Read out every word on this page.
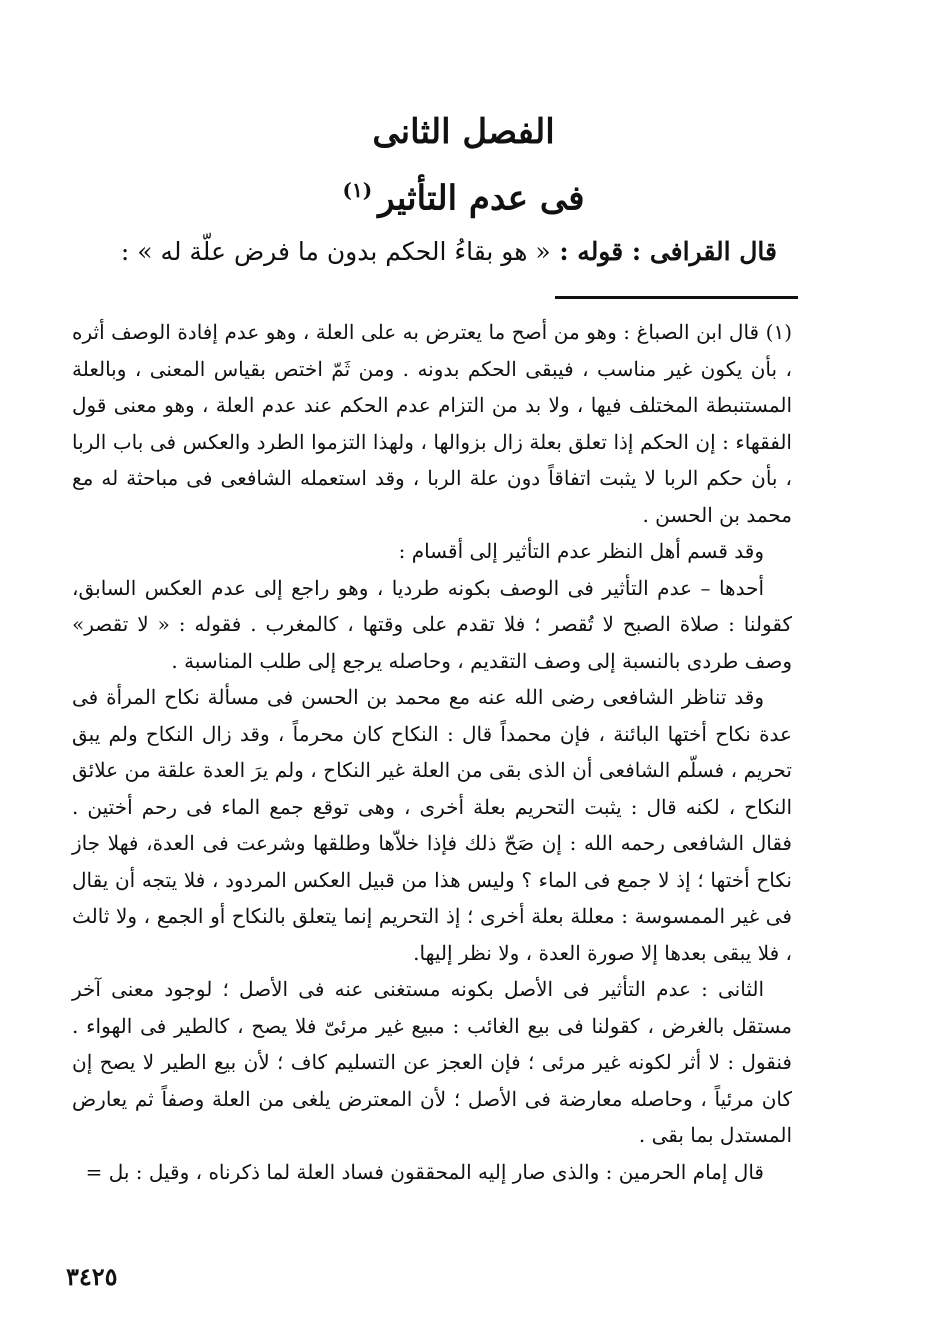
الفصل الثانى
فى عدم التأثير$^{(١)}$
قال القرافى : قوله : « هو بقاءُ الحكم بدون ما فرض علّة له » :

(١) قال ابن الصباغ : وهو من أصح ما يعترض به على العلة ، وهو عدم إفادة الوصف أثره ، بأن يكون غير مناسب ، فيبقى الحكم بدونه . ومن ثَمّ اختص بقياس المعنى ، وبالعلة المستنبطة المختلف فيها ، ولا بد من التزام عدم الحكم عند عدم العلة ، وهو معنى قول الفقهاء : إن الحكم إذا تعلق بعلة زال بزوالها ، ولهذا التزموا الطرد والعكس فى باب الربا ، بأن حكم الربا لا يثبت اتفاقاً دون علة الربا ، وقد استعمله الشافعى فى مباحثة له مع محمد بن الحسن .

وقد قسم أهل النظر عدم التأثير إلى أقسام :

أحدها – عدم التأثير فى الوصف بكونه طرديا ، وهو راجع إلى عدم العكس السابق، كقولنا : صلاة الصبح لا تُقصر ؛ فلا تقدم على وقتها ، كالمغرب . فقوله : « لا تقصر» وصف طردى بالنسبة إلى وصف التقديم ، وحاصله يرجع إلى طلب المناسبة .

وقد تناظر الشافعى رضى الله عنه مع محمد بن الحسن فى مسألة نكاح المرأة فى عدة نكاح أختها البائنة ، فإن محمداً قال : النكاح كان محرماً ، وقد زال النكاح ولم يبق تحريم ، فسلّم الشافعى أن الذى بقى من العلة غير النكاح ، ولم يرَ العدة علقة من علائق النكاح ، لكنه قال : يثبت التحريم بعلة أخرى ، وهى توقع جمع الماء فى رحم أختين . فقال الشافعى رحمه الله : إن صَحّ ذلك فإذا خلاّها وطلقها وشرعت فى العدة، فهلا جاز نكاح أختها ؛ إذ لا جمع فى الماء ؟ وليس هذا من قبيل العكس المردود ، فلا يتجه أن يقال فى غير الممسوسة : معللة بعلة أخرى ؛ إذ التحريم إنما يتعلق بالنكاح أو الجمع ، ولا ثالث ، فلا يبقى بعدها إلا صورة العدة ، ولا نظر إليها.

الثانى : عدم التأثير فى الأصل بكونه مستغنى عنه فى الأصل ؛ لوجود معنى آخر مستقل بالغرض ، كقولنا فى بيع الغائب : مبيع غير مرئىّ فلا يصح ، كالطير فى الهواء . فنقول : لا أثر لكونه غير مرئى ؛ فإن العجز عن التسليم كاف ؛ لأن بيع الطير لا يصح إن كان مرئياً ، وحاصله معارضة فى الأصل ؛ لأن المعترض يلغى من العلة وصفاً ثم يعارض المستدل بما بقى .

قال إمام الحرمين : والذى صار إليه المحققون فساد العلة لما ذكرناه ، وقيل : بل =

٣٤٢٥
